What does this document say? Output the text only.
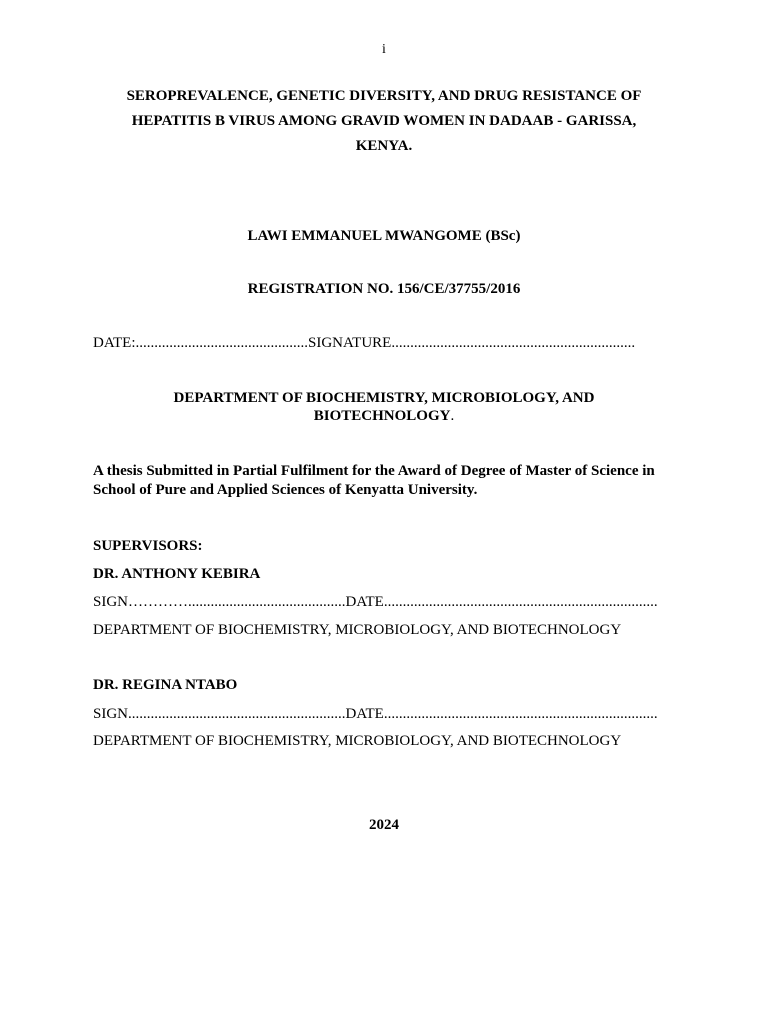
i
SEROPREVALENCE, GENETIC DIVERSITY, AND DRUG RESISTANCE OF
HEPATITIS B VIRUS AMONG GRAVID WOMEN IN DADAAB - GARISSA,
KENYA.
LAWI EMMANUEL MWANGOME (BSc)
REGISTRATION NO. 156/CE/37755/2016
DATE:..............................................SIGNATURE.................................................................
DEPARTMENT OF BIOCHEMISTRY, MICROBIOLOGY, AND
BIOTECHNOLOGY.
A thesis Submitted in Partial Fulfilment for the Award of Degree of Master of Science in
School of Pure and Applied Sciences of Kenyatta University.
SUPERVISORS:
DR. ANTHONY KEBIRA
SIGN…………..........................................DATE.........................................................................
DEPARTMENT OF BIOCHEMISTRY, MICROBIOLOGY, AND BIOTECHNOLOGY
DR. REGINA NTABO
SIGN..........................................................DATE.........................................................................
DEPARTMENT OF BIOCHEMISTRY, MICROBIOLOGY, AND BIOTECHNOLOGY
2024
